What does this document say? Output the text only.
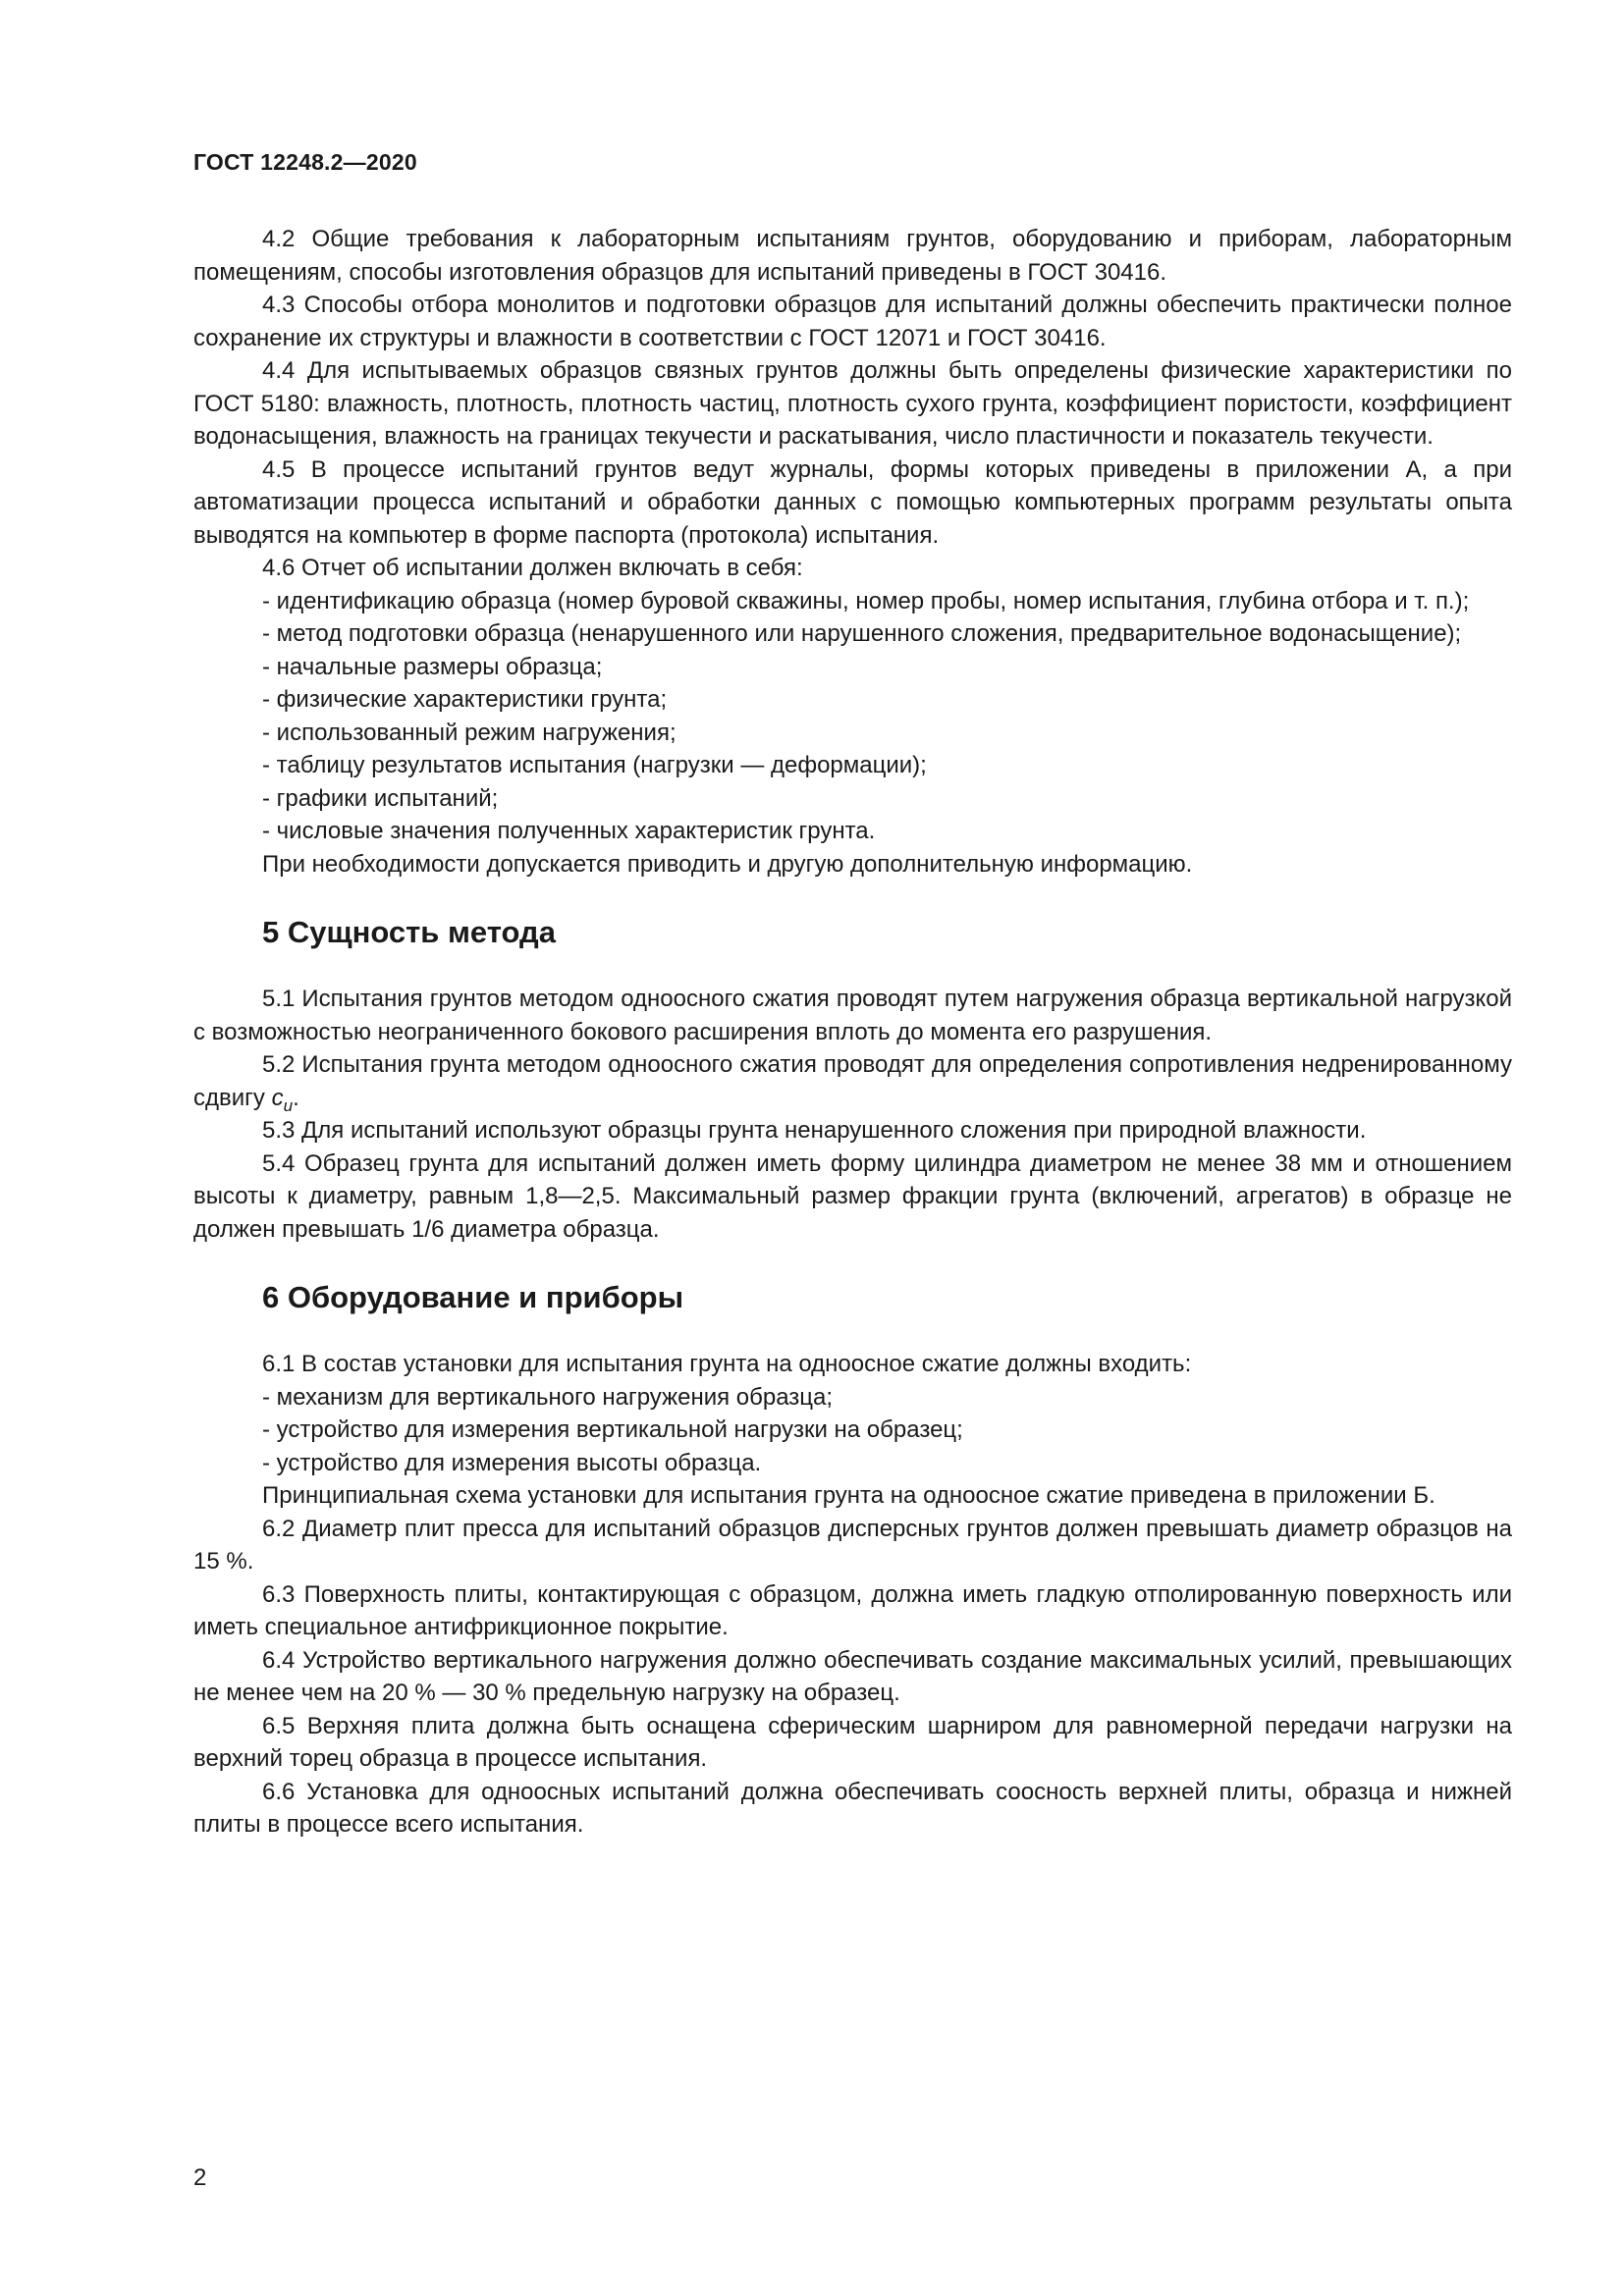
ГОСТ 12248.2—2020

4.2 Общие требования к лабораторным испытаниям грунтов, оборудованию и приборам, лабораторным помещениям, способы изготовления образцов для испытаний приведены в ГОСТ 30416.

4.3 Способы отбора монолитов и подготовки образцов для испытаний должны обеспечить практически полное сохранение их структуры и влажности в соответствии с ГОСТ 12071 и ГОСТ 30416.

4.4 Для испытываемых образцов связных грунтов должны быть определены физические характеристики по ГОСТ 5180: влажность, плотность, плотность частиц, плотность сухого грунта, коэффициент пористости, коэффициент водонасыщения, влажность на границах текучести и раскатывания, число пластичности и показатель текучести.

4.5 В процессе испытаний грунтов ведут журналы, формы которых приведены в приложении А, а при автоматизации процесса испытаний и обработки данных с помощью компьютерных программ результаты опыта выводятся на компьютер в форме паспорта (протокола) испытания.

4.6 Отчет об испытании должен включать в себя:

- идентификацию образца (номер буровой скважины, номер пробы, номер испытания, глубина отбора и т. п.);

- метод подготовки образца (ненарушенного или нарушенного сложения, предварительное водонасыщение);

- начальные размеры образца;

- физические характеристики грунта;

- использованный режим нагружения;

- таблицу результатов испытания (нагрузки — деформации);

- графики испытаний;

- числовые значения полученных характеристик грунта.

При необходимости допускается приводить и другую дополнительную информацию.

5 Сущность метода

5.1 Испытания грунтов методом одноосного сжатия проводят путем нагружения образца вертикальной нагрузкой с возможностью неограниченного бокового расширения вплоть до момента его разрушения.

5.2 Испытания грунта методом одноосного сжатия проводят для определения сопротивления недренированному сдвигу $c_u$.

5.3 Для испытаний используют образцы грунта ненарушенного сложения при природной влажности.

5.4 Образец грунта для испытаний должен иметь форму цилиндра диаметром не менее 38 мм и отношением высоты к диаметру, равным 1,8—2,5. Максимальный размер фракции грунта (включений, агрегатов) в образце не должен превышать 1/6 диаметра образца.

6 Оборудование и приборы

6.1 В состав установки для испытания грунта на одноосное сжатие должны входить:

- механизм для вертикального нагружения образца;

- устройство для измерения вертикальной нагрузки на образец;

- устройство для измерения высоты образца.

Принципиальная схема установки для испытания грунта на одноосное сжатие приведена в приложении Б.

6.2 Диаметр плит пресса для испытаний образцов дисперсных грунтов должен превышать диаметр образцов на 15 %.

6.3 Поверхность плиты, контактирующая с образцом, должна иметь гладкую отполированную поверхность или иметь специальное антифрикционное покрытие.

6.4 Устройство вертикального нагружения должно обеспечивать создание максимальных усилий, превышающих не менее чем на 20 % — 30 % предельную нагрузку на образец.

6.5 Верхняя плита должна быть оснащена сферическим шарниром для равномерной передачи нагрузки на верхний торец образца в процессе испытания.

6.6 Установка для одноосных испытаний должна обеспечивать соосность верхней плиты, образца и нижней плиты в процессе всего испытания.

2
